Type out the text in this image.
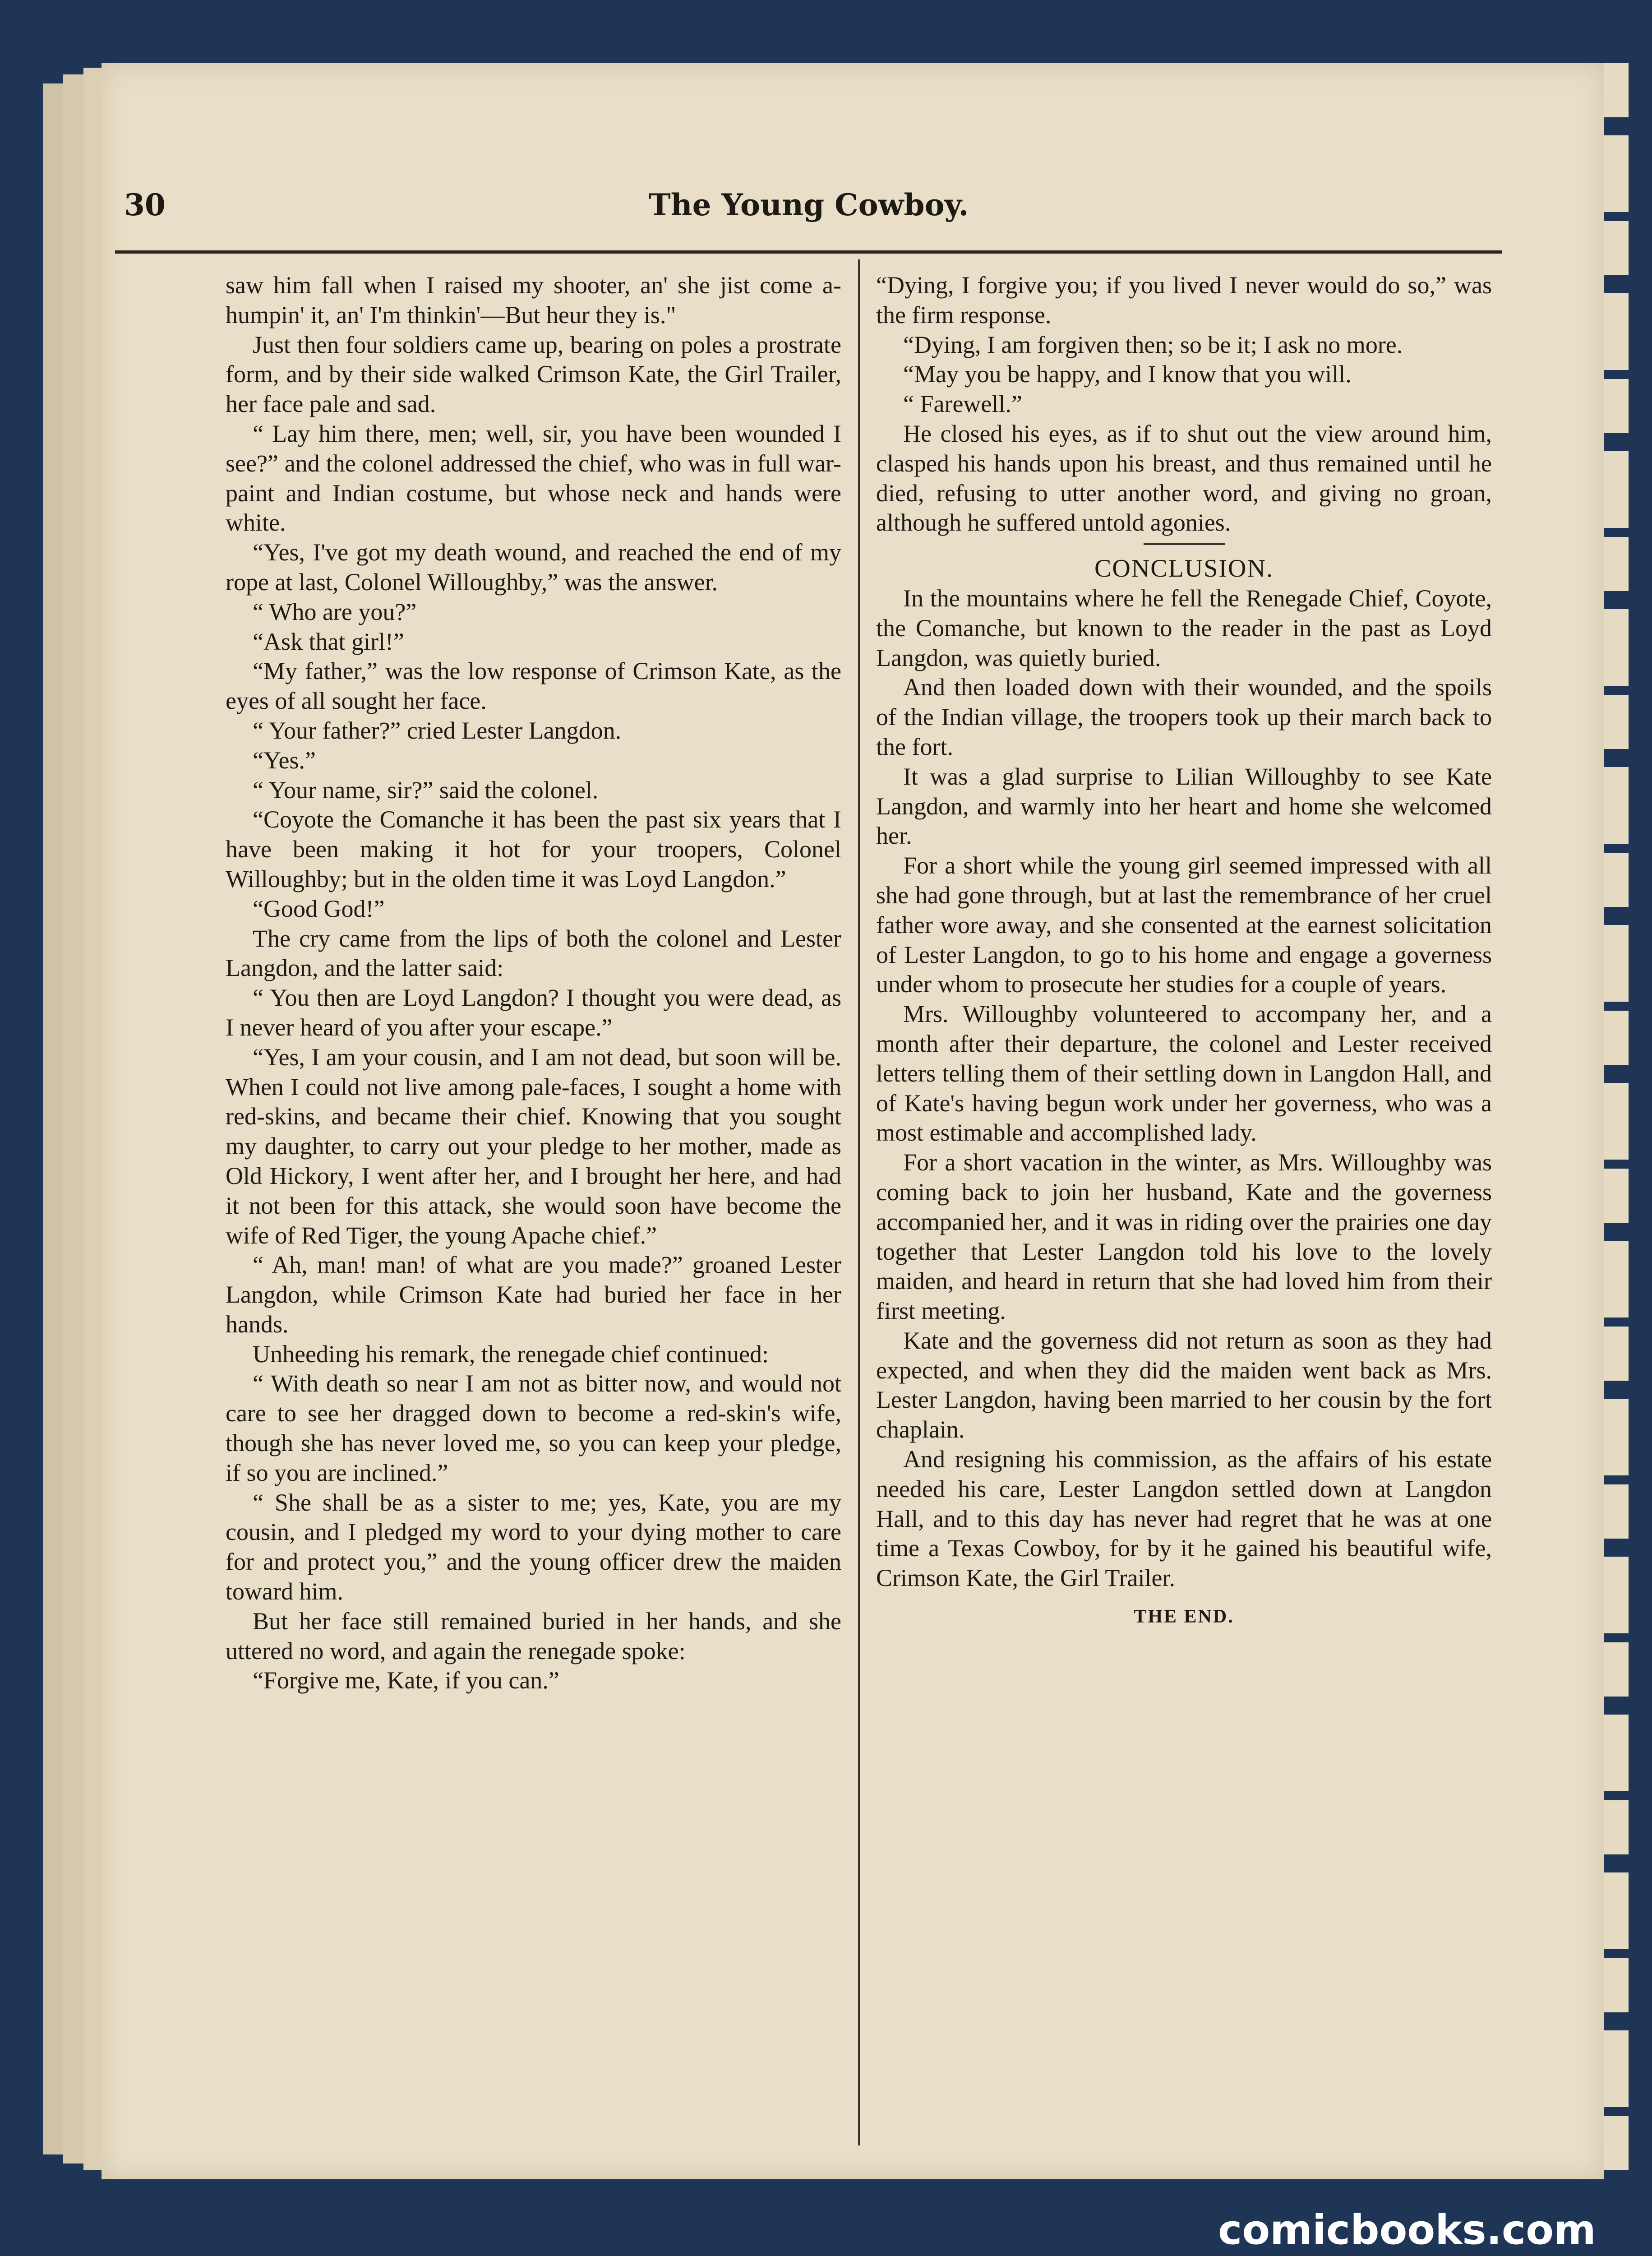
30	The Young Cowboy.

saw him fall when I raised my shooter, an' she jist come a-humpin' it, an' I'm thinkin'—But heur they is."

Just then four soldiers came up, bearing on poles a prostrate form, and by their side walked Crimson Kate, the Girl Trailer, her face pale and sad.

“ Lay him there, men; well, sir, you have been wounded I see?” and the colonel addressed the chief, who was in full war-paint and Indian costume, but whose neck and hands were white.

“Yes, I've got my death wound, and reached the end of my rope at last, Colonel Willoughby,” was the answer.

“ Who are you?”

“Ask that girl!”

“My father,” was the low response of Crimson Kate, as the eyes of all sought her face.

“ Your father?” cried Lester Langdon.

“Yes.”

“ Your name, sir?” said the colonel.

“Coyote the Comanche it has been the past six years that I have been making it hot for your troopers, Colonel Willoughby; but in the olden time it was Loyd Langdon.”

“Good God!”

The cry came from the lips of both the colonel and Lester Langdon, and the latter said:

“ You then are Loyd Langdon? I thought you were dead, as I never heard of you after your escape.”

“Yes, I am your cousin, and I am not dead, but soon will be. When I could not live among pale-faces, I sought a home with red-skins, and became their chief. Knowing that you sought my daughter, to carry out your pledge to her mother, made as Old Hickory, I went after her, and I brought her here, and had it not been for this attack, she would soon have become the wife of Red Tiger, the young Apache chief.”

“ Ah, man! man! of what are you made?” groaned Lester Langdon, while Crimson Kate had buried her face in her hands.

Unheeding his remark, the renegade chief continued:

“ With death so near I am not as bitter now, and would not care to see her dragged down to become a red-skin's wife, though she has never loved me, so you can keep your pledge, if so you are inclined.”

“ She shall be as a sister to me; yes, Kate, you are my cousin, and I pledged my word to your dying mother to care for and protect you,” and the young officer drew the maiden toward him.

But her face still remained buried in her hands, and she uttered no word, and again the renegade spoke:

“Forgive me, Kate, if you can.”

“Dying, I forgive you; if you lived I never would do so,” was the firm response.

“Dying, I am forgiven then; so be it; I ask no more.

“May you be happy, and I know that you will.

“ Farewell.”

He closed his eyes, as if to shut out the view around him, clasped his hands upon his breast, and thus remained until he died, refusing to utter another word, and giving no groan, although he suffered untold agonies.

CONCLUSION.

In the mountains where he fell the Renegade Chief, Coyote, the Comanche, but known to the reader in the past as Loyd Langdon, was quietly buried.

And then loaded down with their wounded, and the spoils of the Indian village, the troopers took up their march back to the fort.

It was a glad surprise to Lilian Willoughby to see Kate Langdon, and warmly into her heart and home she welcomed her.

For a short while the young girl seemed impressed with all she had gone through, but at last the remembrance of her cruel father wore away, and she consented at the earnest solicitation of Lester Langdon, to go to his home and engage a governess under whom to prosecute her studies for a couple of years.

Mrs. Willoughby volunteered to accompany her, and a month after their departure, the colonel and Lester received letters telling them of their settling down in Langdon Hall, and of Kate's having begun work under her governess, who was a most estimable and accomplished lady.

For a short vacation in the winter, as Mrs. Willoughby was coming back to join her husband, Kate and the governess accompanied her, and it was in riding over the prairies one day together that Lester Langdon told his love to the lovely maiden, and heard in return that she had loved him from their first meeting.

Kate and the governess did not return as soon as they had expected, and when they did the maiden went back as Mrs. Lester Langdon, having been married to her cousin by the fort chaplain.

And resigning his commission, as the affairs of his estate needed his care, Lester Langdon settled down at Langdon Hall, and to this day has never had regret that he was at one time a Texas Cowboy, for by it he gained his beautiful wife, Crimson Kate, the Girl Trailer.

THE END.
comicbooks.com
